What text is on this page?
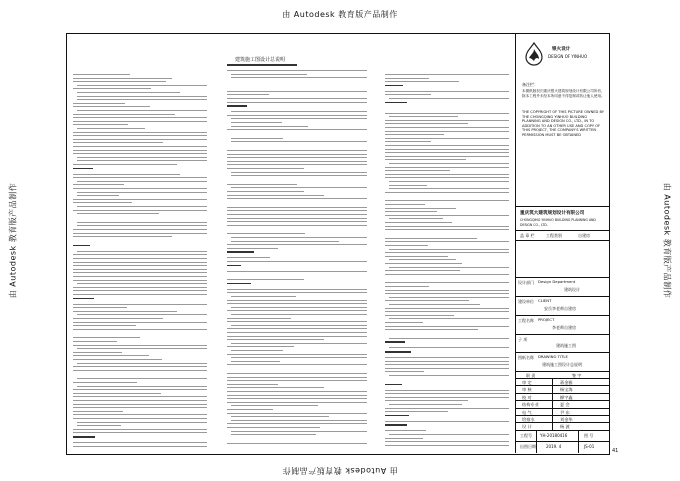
由 Autodesk 教育版产品制作
由 Autodesk 教育版产品制作
由 Autodesk 教育版产品制作	由 Autodesk 教育版产品制作
建筑施工图设计总说明
银火设计
DESIGN OF YINHUO
备注栏：
本图纸版权归重庆银火建筑规划设计有限公司所有，除本工程外未经本所同意不得复制或转让他人使用。
THE COPYRIGHT OF THIS PICTURE OWNED BY THE CHONGQING YINHUO BUILDING PLANNING AND DESIGN CO., LTD., IN TO ADDITION TO AN OTHER USE AND COPY OF THIS PROJECT, THE COMPANY'S WRITTEN PERMISSION MUST BE OBTAINED
重庆筑大建筑规划设计有限公司
CHONGQING YINHUO BUILDING PLANNING AND
DESIGN CO., LTD.
盖 章 栏	工程类别	自建房
设计部门 Design Department
建筑设计
建设单位 CLIENT
安岳李老师自建房
工程名称 PROJECT
李老师自建房
子 项
建筑施工图
图纸名称 DRAWING TITLE
建筑施工图设计总说明
职 责	签 字
审 定	蒋金雅
审 核	杨宝海
校 对	柳宇鑫
结构专业	夏 会
电 气	尹 东
给排水	刘金华
设 计	杨 波
工程号 YH-20180416	图 号
出图日期	2019. 4	JS-01
41
